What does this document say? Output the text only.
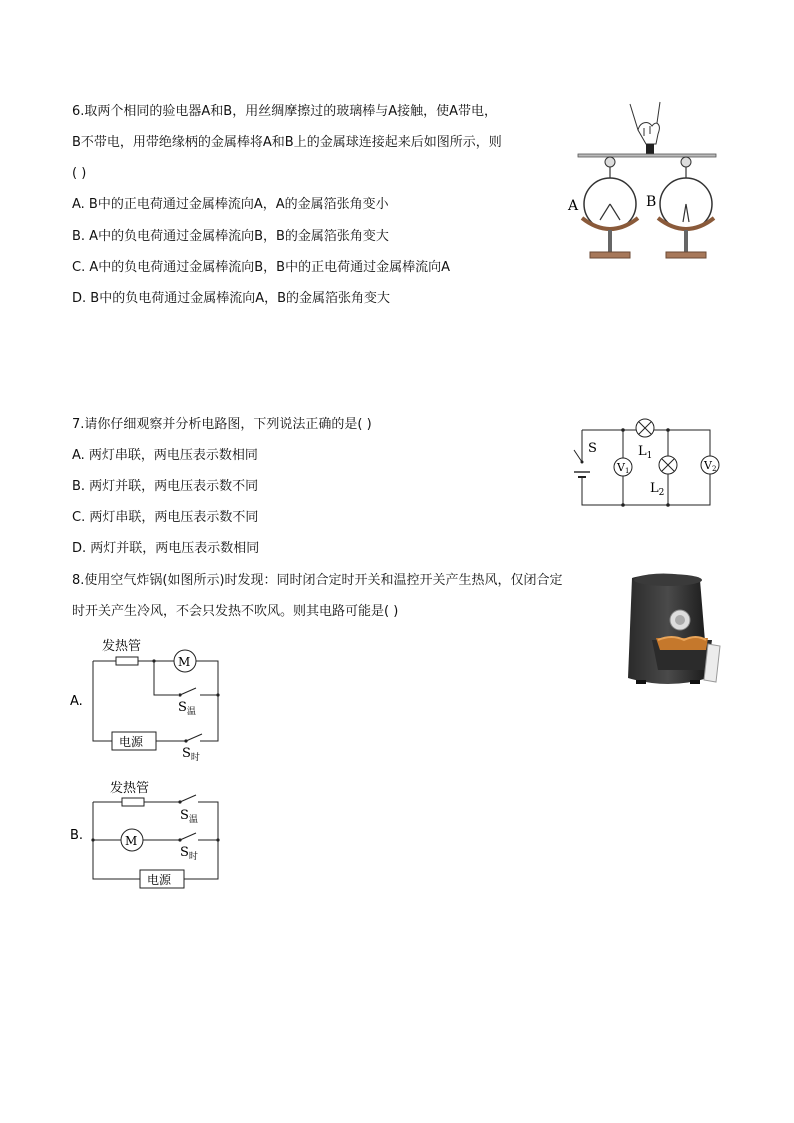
6.取两个相同的验电器A和B，用丝绸摩擦过的玻璃棒与A接触，使A带电，
B不带电，用带绝缘柄的金属棒将A和B上的金属球连接起来后如图所示，则
( )
A. B中的正电荷通过金属棒流向A，A的金属箔张角变小
B. A中的负电荷通过金属棒流向B，B的金属箔张角变大
C. A中的负电荷通过金属棒流向B，B中的正电荷通过金属棒流向A
D. B中的负电荷通过金属棒流向A，B的金属箔张角变大
A	B
7.请你仔细观察并分析电路图，下列说法正确的是( )
A. 两灯串联，两电压表示数相同
B. 两灯并联，两电压表示数不同
C. 两灯串联，两电压表示数不同
D. 两灯并联，两电压表示数相同
S	$L_1$
$L_2$
V1	V2
8.使用空气炸锅(如图所示)时发现：同时闭合定时开关和温控开关产生热风，仅闭合定
时开关产生冷风，不会只发热不吹风。则其电路可能是( )
A.
发热管
M
$S_温$
电源
$S_时$
B.
发热管
M
$S_温$
$S_时$
电源
